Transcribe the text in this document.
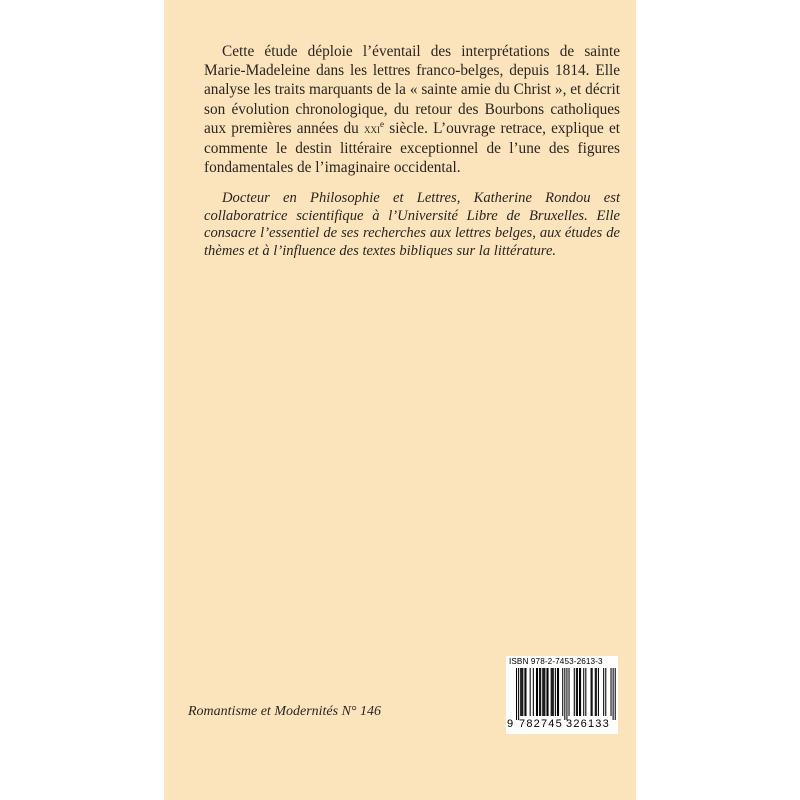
Cette étude déploie l’éventail des interprétations de sainte Marie-Madeleine dans les lettres franco-belges, depuis 1814. Elle analyse les traits marquants de la « sainte amie du Christ », et décrit son évolution chronologique, du retour des Bourbons catholiques aux premières années du xxi$^e$ siècle. L’ouvrage retrace, explique et commente le destin littéraire exceptionnel de l’une des figures fondamentales de l’imaginaire occidental.

Docteur en Philosophie et Lettres, Katherine Rondou est collaboratrice scientifique à l’Université Libre de Bruxelles. Elle consacre l’essentiel de ses recherches aux lettres belges, aux études de thèmes et à l’influence des textes bibliques sur la littérature.

Romantisme et Modernités N° 146
ISBN 978-2-7453-2613-3
9 782745 326133
